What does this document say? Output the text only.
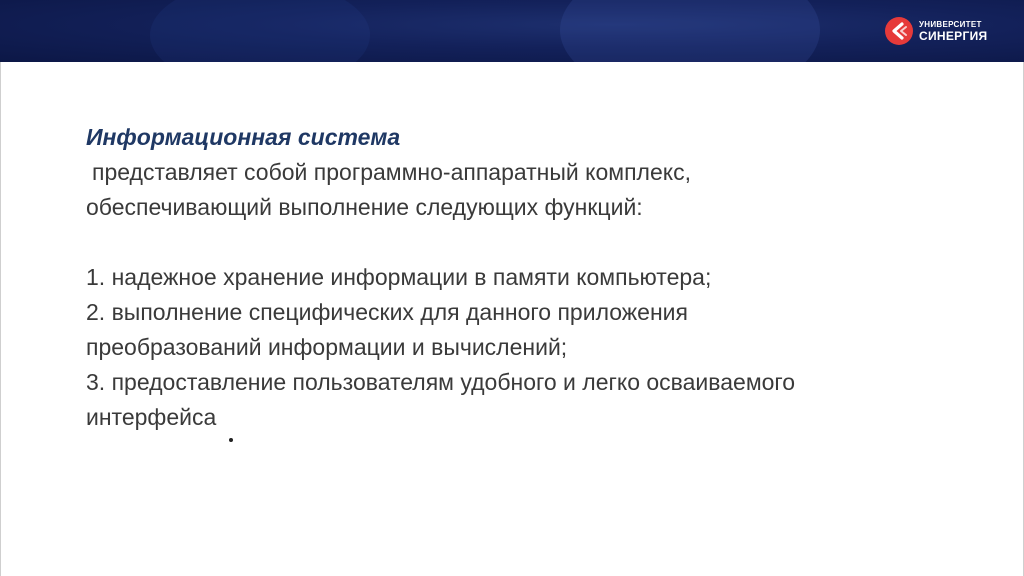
УНИВЕРСИТЕТ
СИНЕРГИЯ
Информационная система
представляет собой программно-аппаратный комплекс,
обеспечивающий выполнение следующих функций:
1. надежное хранение информации в памяти компьютера;
2. выполнение специфических для данного приложения
преобразований информации и вычислений;
3. предоставление пользователям удобного и легко осваиваемого
интерфейса
